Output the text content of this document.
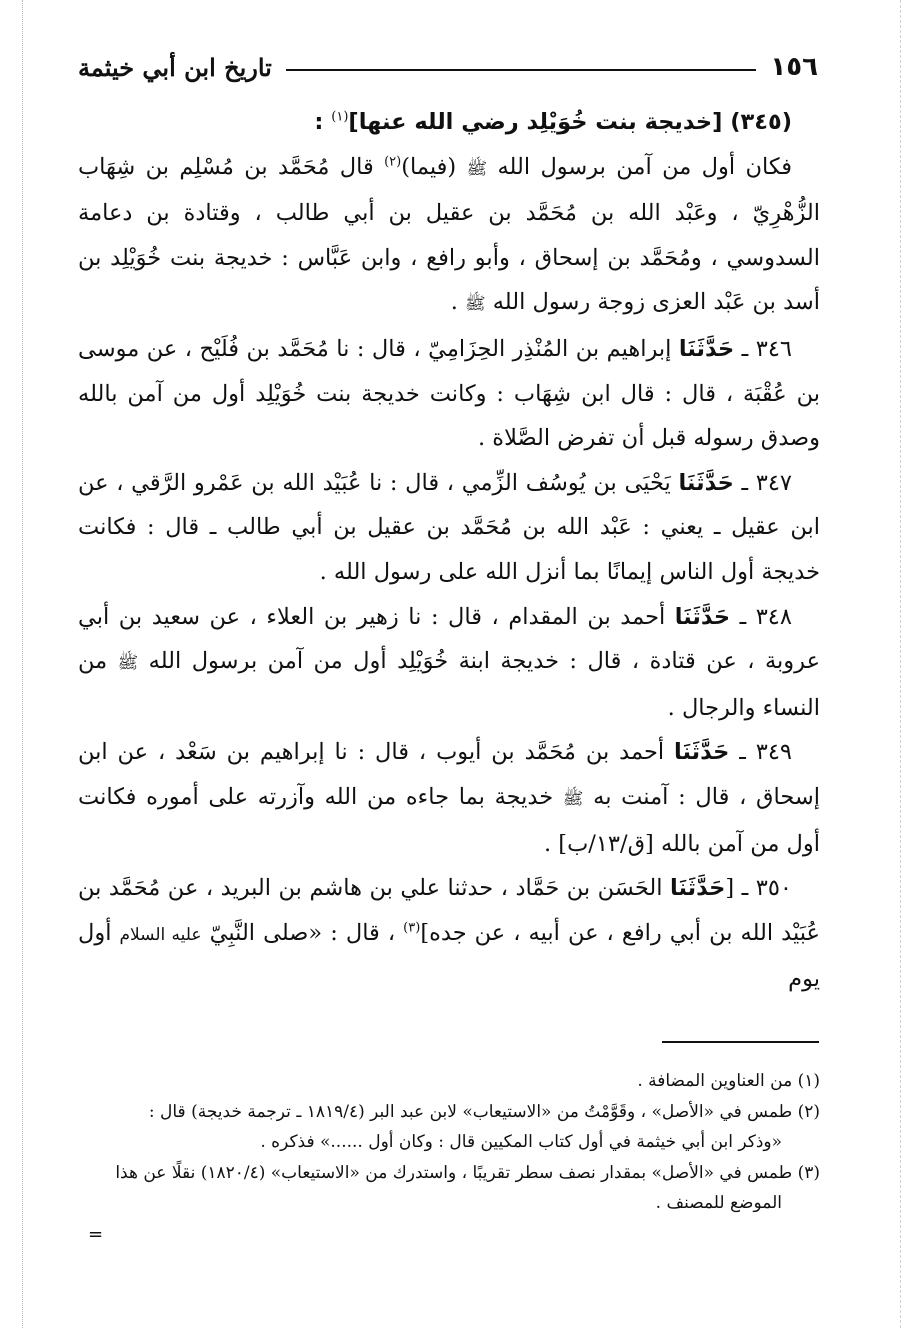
١٥٦
تاريخ ابن أبي خيثمة

(٣٤٥) [خديجة بنت خُوَيْلِد رضي الله عنها]$^{(١)}$ :

فكان أول من آمن برسول الله ﷺ (فيما)$^{(٢)}$ قال مُحَمَّد بن مُسْلِم بن شِهَاب الزُّهْرِيّ ، وعَبْد الله بن مُحَمَّد بن عقيل بن أبي طالب ، وقتادة بن دعامة السدوسي ، ومُحَمَّد بن إسحاق ، وأبو رافع ، وابن عَبَّاس : خديجة بنت خُوَيْلِد بن أسد بن عَبْد العزى زوجة رسول الله ﷺ .

٣٤٦ ـ حَدَّثَنَا إبراهيم بن المُنْذِر الحِزَامِيّ ، قال : نا مُحَمَّد بن فُلَيْح ، عن موسى بن عُقْبَة ، قال : قال ابن شِهَاب : وكانت خديجة بنت خُوَيْلِد أول من آمن بالله وصدق رسوله قبل أن تفرض الصَّلاة .

٣٤٧ ـ حَدَّثَنَا يَحْيَى بن يُوسُف الزِّمي ، قال : نا عُبَيْد الله بن عَمْرو الرَّقي ، عن ابن عقيل ـ يعني : عَبْد الله بن مُحَمَّد بن عقيل بن أبي طالب ـ قال : فكانت خديجة أول الناس إيمانًا بما أنزل الله على رسول الله .

٣٤٨ ـ حَدَّثَنَا أحمد بن المقدام ، قال : نا زهير بن العلاء ، عن سعيد بن أبي عروبة ، عن قتادة ، قال : خديجة ابنة خُوَيْلِد أول من آمن برسول الله ﷺ من النساء والرجال .

٣٤٩ ـ حَدَّثَنَا أحمد بن مُحَمَّد بن أيوب ، قال : نا إبراهيم بن سَعْد ، عن ابن إسحاق ، قال : آمنت به ﷺ خديجة بما جاءه من الله وآزرته على أموره فكانت أول من آمن بالله [ق/١٣/ب] .

٣٥٠ ـ [حَدَّثَنَا الحَسَن بن حَمَّاد ، حدثنا علي بن هاشم بن البريد ، عن مُحَمَّد بن عُبَيْد الله بن أبي رافع ، عن أبيه ، عن جده]$^{(٣)}$ ، قال : «صلى النَّبِيّ عليه السلام أول يوم

(١) من العناوين المضافة .

(٢) طمس في «الأصل» ، وقَوَّمْتُ من «الاستيعاب» لابن عبد البر (١٨١٩/٤ ـ ترجمة خديجة) قال :

«وذكر ابن أبي خيثمة في أول كتاب المكيين قال : وكان أول ......» فذكره .

(٣) طمس في «الأصل» بمقدار نصف سطر تقريبًا ، واستدرك من «الاستيعاب» (١٨٢٠/٤) نقلًا عن هذا

الموضع للمصنف .

=
